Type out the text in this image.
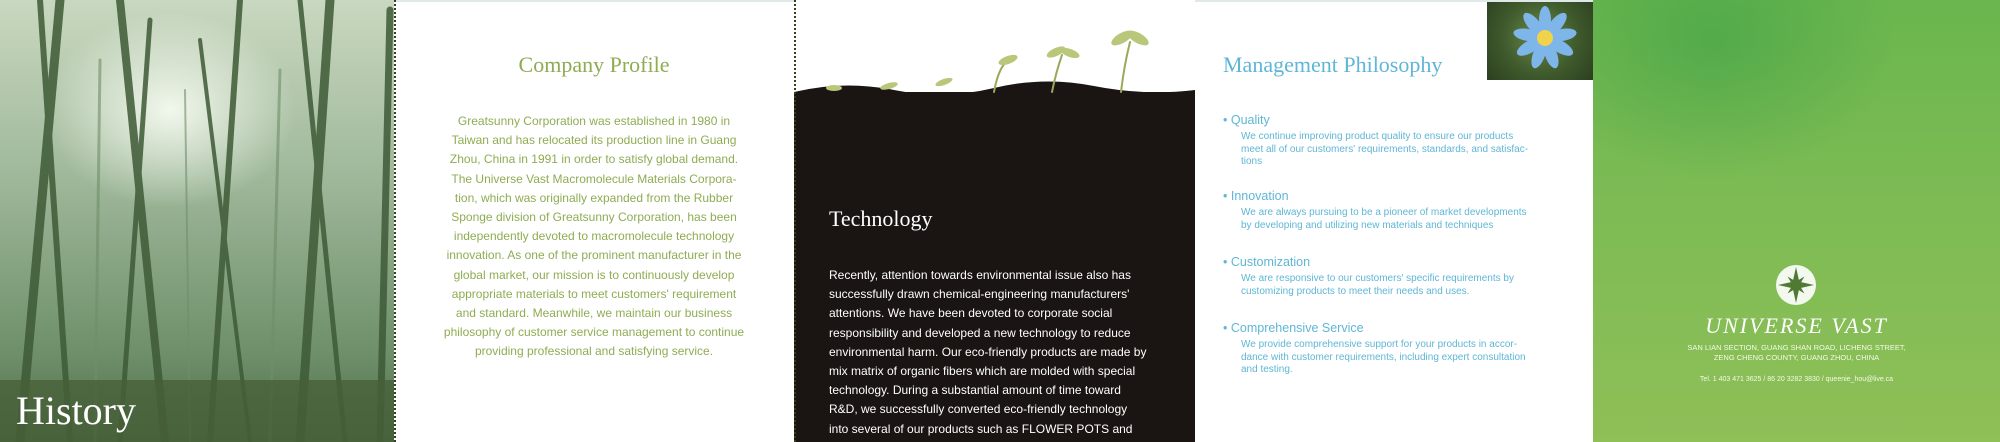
History
Company Profile
Greatsunny Corporation was established in 1980 in
Taiwan and has relocated its production line in Guang
Zhou, China in 1991 in order to satisfy global demand.
The Universe Vast Macromolecule Materials Corpora-
tion, which was originally expanded from the Rubber
Sponge division of Greatsunny Corporation, has been
independently devoted to macromolecule technology
innovation. As one of the prominent manufacturer in the
global market, our mission is to continuously develop
appropriate materials to meet customers' requirement
and standard. Meanwhile, we maintain our business
philosophy of customer service management to continue
providing professional and satisfying service.
Technology
Recently, attention towards environmental issue also has
successfully drawn chemical-engineering manufacturers'
attentions. We have been devoted to corporate social
responsibility and developed a new technology to reduce
environmental harm. Our eco-friendly products are made by
mix matrix of organic fibers which are molded with special
technology. During a substantial amount of time toward
R&D, we successfully converted eco-friendly technology
into several of our products such as FLOWER POTS and
Management Philosophy
• Quality
We continue improving product quality to ensure our products
meet all of our customers' requirements, standards, and satisfac-
tions
• Innovation
We are always pursuing to be a pioneer of market developments
by developing and utilizing new materials and techniques
• Customization
We are responsive to our customers' specific requirements by
customizing products to meet their needs and uses.
• Comprehensive Service
We provide comprehensive support for your products in accor-
dance with customer requirements, including expert consultation
and testing.
UNIVERSE VAST
SAN LIAN SECTION, GUANG SHAN ROAD, LICHENG STREET,
ZENG CHENG COUNTY, GUANG ZHOU, CHINA
Tel. 1 403 471 3625 / 86 20 3282 3830 / queenie_hou@live.ca
